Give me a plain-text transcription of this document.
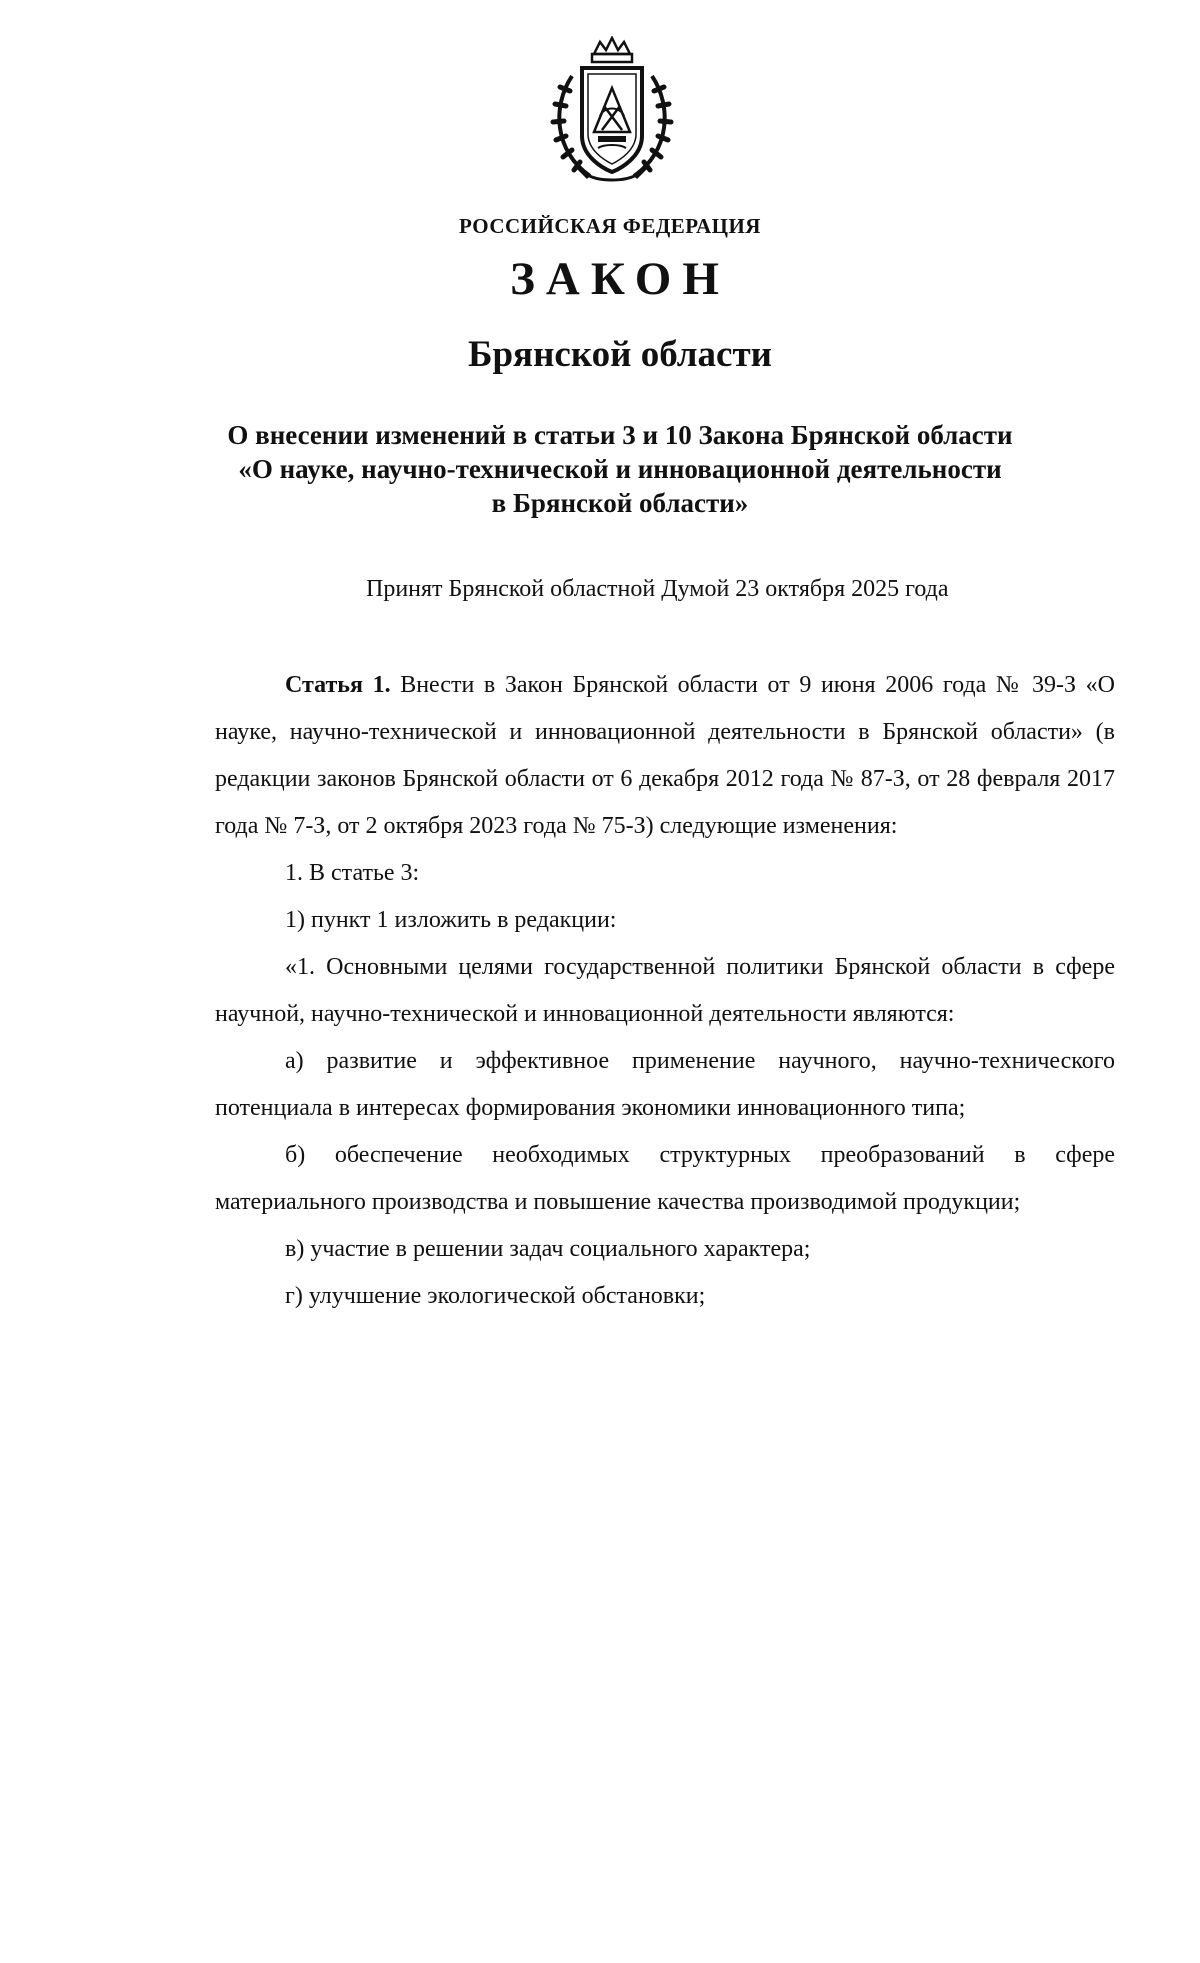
РОССИЙСКАЯ ФЕДЕРАЦИЯ
ЗАКОН
Брянской области
О внесении изменений в статьи 3 и 10 Закона Брянской области
«О науке, научно-технической и инновационной деятельности
в Брянской области»
Принят Брянской областной Думой 23 октября 2025 года

Статья 1. Внести в Закон Брянской области от 9 июня 2006 года № 39-З «О науке, научно-технической и инновационной деятельности в Брянской области» (в редакции законов Брянской области от 6 декабря 2012 года № 87-З, от 28 февраля 2017 года № 7-З, от 2 октября 2023 года № 75-З) следующие изменения:

1. В статье 3:

1) пункт 1 изложить в редакции:

«1. Основными целями государственной политики Брянской области в сфере научной, научно-технической и инновационной деятельности являются:

а) развитие и эффективное применение научного, научно-технического потенциала в интересах формирования экономики инновационного типа;

б) обеспечение необходимых структурных преобразований в сфере материального производства и повышение качества производимой продукции;

в) участие в решении задач социального характера;

г) улучшение экологической обстановки;
